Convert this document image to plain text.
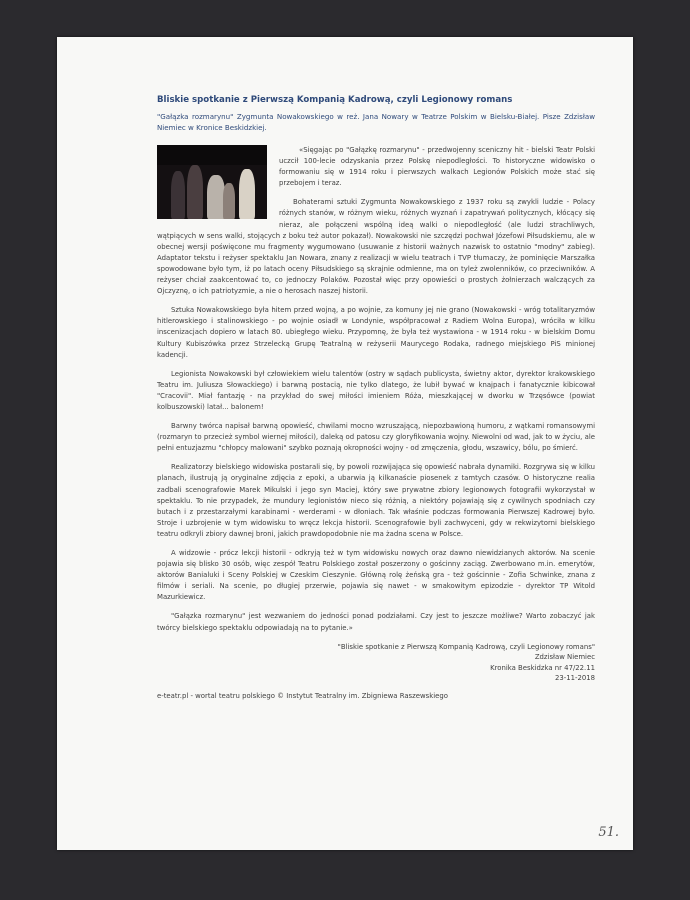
Bliskie spotkanie z Pierwszą Kompanią Kadrową, czyli Legionowy romans
"Gałązka rozmarynu" Zygmunta Nowakowskiego w reż. Jana Nowary w Teatrze Polskim w Bielsku-Białej. Pisze Zdzisław Niemiec w Kronice Beskidzkiej.

«Sięgając po "Gałązkę rozmarynu" - przedwojenny sceniczny hit - bielski Teatr Polski uczcił 100-lecie odzyskania przez Polskę niepodległości. To historyczne widowisko o formowaniu się w 1914 roku i pierwszych walkach Legionów Polskich może stać się przebojem i teraz.

Bohaterami sztuki Zygmunta Nowakowskiego z 1937 roku są zwykli ludzie - Polacy różnych stanów, w różnym wieku, różnych wyznań i zapatrywań politycznych, kłócący się nieraz, ale połączeni wspólną ideą walki o niepodległość (ale ludzi strachliwych, wątpiących w sens walki, stojących z boku też autor pokazał). Nowakowski nie szczędzi pochwał Józefowi Piłsudskiemu, ale w obecnej wersji poświęcone mu fragmenty wygumowano (usuwanie z historii ważnych nazwisk to ostatnio "modny" zabieg). Adaptator tekstu i reżyser spektaklu Jan Nowara, znany z realizacji w wielu teatrach i TVP tłumaczy, że pominięcie Marszałka spowodowane było tym, iż po latach oceny Piłsudskiego są skrajnie odmienne, ma on tyleż zwolenników, co przeciwników. A reżyser chciał zaakcentować to, co jednoczy Polaków. Pozostał więc przy opowieści o prostych żołnierzach walczących za Ojczyznę, o ich patriotyzmie, a nie o herosach naszej historii.

Sztuka Nowakowskiego była hitem przed wojną, a po wojnie, za komuny jej nie grano (Nowakowski - wróg totalitaryzmów hitlerowskiego i stalinowskiego - po wojnie osiadł w Londynie, współpracował z Radiem Wolna Europa), wróciła w kilku inscenizacjach dopiero w latach 80. ubiegłego wieku. Przypomnę, że była też wystawiona - w 1914 roku - w bielskim Domu Kultury Kubiszówka przez Strzelecką Grupę Teatralną w reżyserii Maurycego Rodaka, radnego miejskiego PiS minionej kadencji.

Legionista Nowakowski był człowiekiem wielu talentów (ostry w sądach publicysta, świetny aktor, dyrektor krakowskiego Teatru im. Juliusza Słowackiego) i barwną postacią, nie tylko dlatego, że lubił bywać w knajpach i fanatycznie kibicował "Cracovii". Miał fantazję - na przykład do swej miłości imieniem Róża, mieszkającej w dworku w Trzęsówce (powiat kolbuszowski) latał... balonem!

Barwny twórca napisał barwną opowieść, chwilami mocno wzruszającą, niepozbawioną humoru, z wątkami romansowymi (rozmaryn to przecież symbol wiernej miłości), daleką od patosu czy gloryfikowania wojny. Niewolni od wad, jak to w życiu, ale pełni entuzjazmu "chłopcy malowani" szybko poznają okropności wojny - od zmęczenia, głodu, wszawicy, bólu, po śmierć.

Realizatorzy bielskiego widowiska postarali się, by powoli rozwijająca się opowieść nabrała dynamiki. Rozgrywa się w kilku planach, ilustrują ją oryginalne zdjęcia z epoki, a ubarwia ją kilkanaście piosenek z tamtych czasów. O historyczne realia zadbali scenografowie Marek Mikulski i jego syn Maciej, który swe prywatne zbiory legionowych fotografii wykorzystał w spektaklu. To nie przypadek, że mundury legionistów nieco się różnią, a niektóry pojawiają się z cywilnych spodniach czy butach i z przestarzałymi karabinami - werderami - w dłoniach. Tak właśnie podczas formowania Pierwszej Kadrowej było. Stroje i uzbrojenie w tym widowisku to wręcz lekcja historii. Scenografowie byli zachwyceni, gdy w rekwizytorni bielskiego teatru odkryli zbiory dawnej broni, jakich prawdopodobnie nie ma żadna scena w Polsce.

A widzowie - prócz lekcji historii - odkryją też w tym widowisku nowych oraz dawno niewidzianych aktorów. Na scenie pojawia się blisko 30 osób, więc zespół Teatru Polskiego został poszerzony o gościnny zaciąg. Zwerbowano m.in. emerytów, aktorów Banialuki i Sceny Polskiej w Czeskim Cieszynie. Główną rolę żeńską gra - też gościnnie - Zofia Schwinke, znana z filmów i seriali. Na scenie, po długiej przerwie, pojawia się nawet - w smakowitym epizodzie - dyrektor TP Witold Mazurkiewicz.

"Gałązka rozmarynu" jest wezwaniem do jedności ponad podziałami. Czy jest to jeszcze możliwe? Warto zobaczyć jak twórcy bielskiego spektaklu odpowiadają na to pytanie.»

"Bliskie spotkanie z Pierwszą Kompanią Kadrową, czyli Legionowy romans"
Zdzisław Niemiec
Kronika Beskidzka nr 47/22.11
23-11-2018
e-teatr.pl - wortal teatru polskiego © Instytut Teatralny im. Zbigniewa Raszewskiego
51.
